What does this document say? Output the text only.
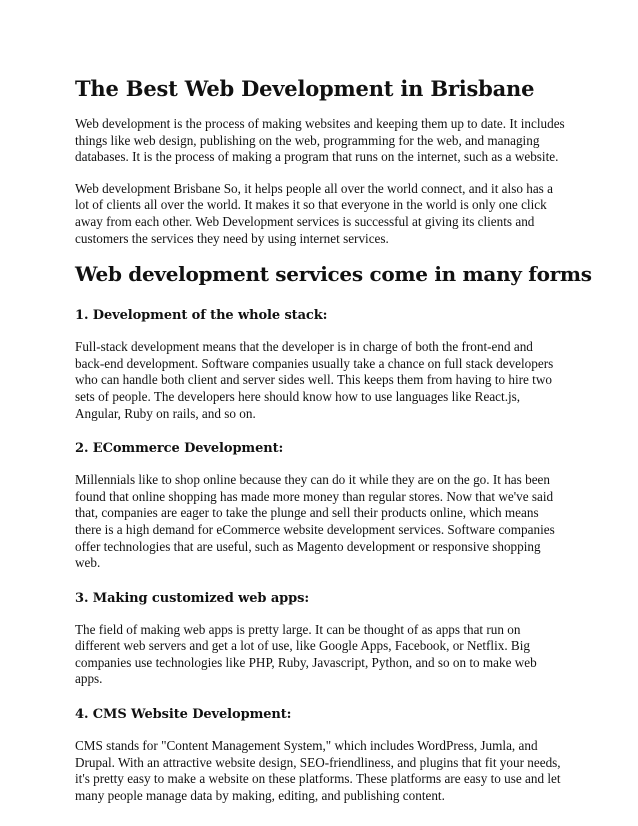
The Best Web Development in Brisbane

Web development is the process of making websites and keeping them up to date. It includes things like web design, publishing on the web, programming for the web, and managing databases. It is the process of making a program that runs on the internet, such as a website.

Web development Brisbane So, it helps people all over the world connect, and it also has a lot of clients all over the world. It makes it so that everyone in the world is only one click away from each other. Web Development services is successful at giving its clients and customers the services they need by using internet services.

Web development services come in many forms
1. Development of the whole stack:

Full-stack development means that the developer is in charge of both the front-end and back-end development. Software companies usually take a chance on full stack developers who can handle both client and server sides well. This keeps them from having to hire two sets of people. The developers here should know how to use languages like React.js, Angular, Ruby on rails, and so on.

2. ECommerce Development:

Millennials like to shop online because they can do it while they are on the go. It has been found that online shopping has made more money than regular stores. Now that we've said that, companies are eager to take the plunge and sell their products online, which means there is a high demand for eCommerce website development services. Software companies offer technologies that are useful, such as Magento development or responsive shopping web.

3. Making customized web apps:

The field of making web apps is pretty large. It can be thought of as apps that run on different web servers and get a lot of use, like Google Apps, Facebook, or Netflix. Big companies use technologies like PHP, Ruby, Javascript, Python, and so on to make web apps.

4. CMS Website Development:

CMS stands for "Content Management System," which includes WordPress, Jumla, and Drupal. With an attractive website design, SEO-friendliness, and plugins that fit your needs, it's pretty easy to make a website on these platforms. These platforms are easy to use and let many people manage data by making, editing, and publishing content.
